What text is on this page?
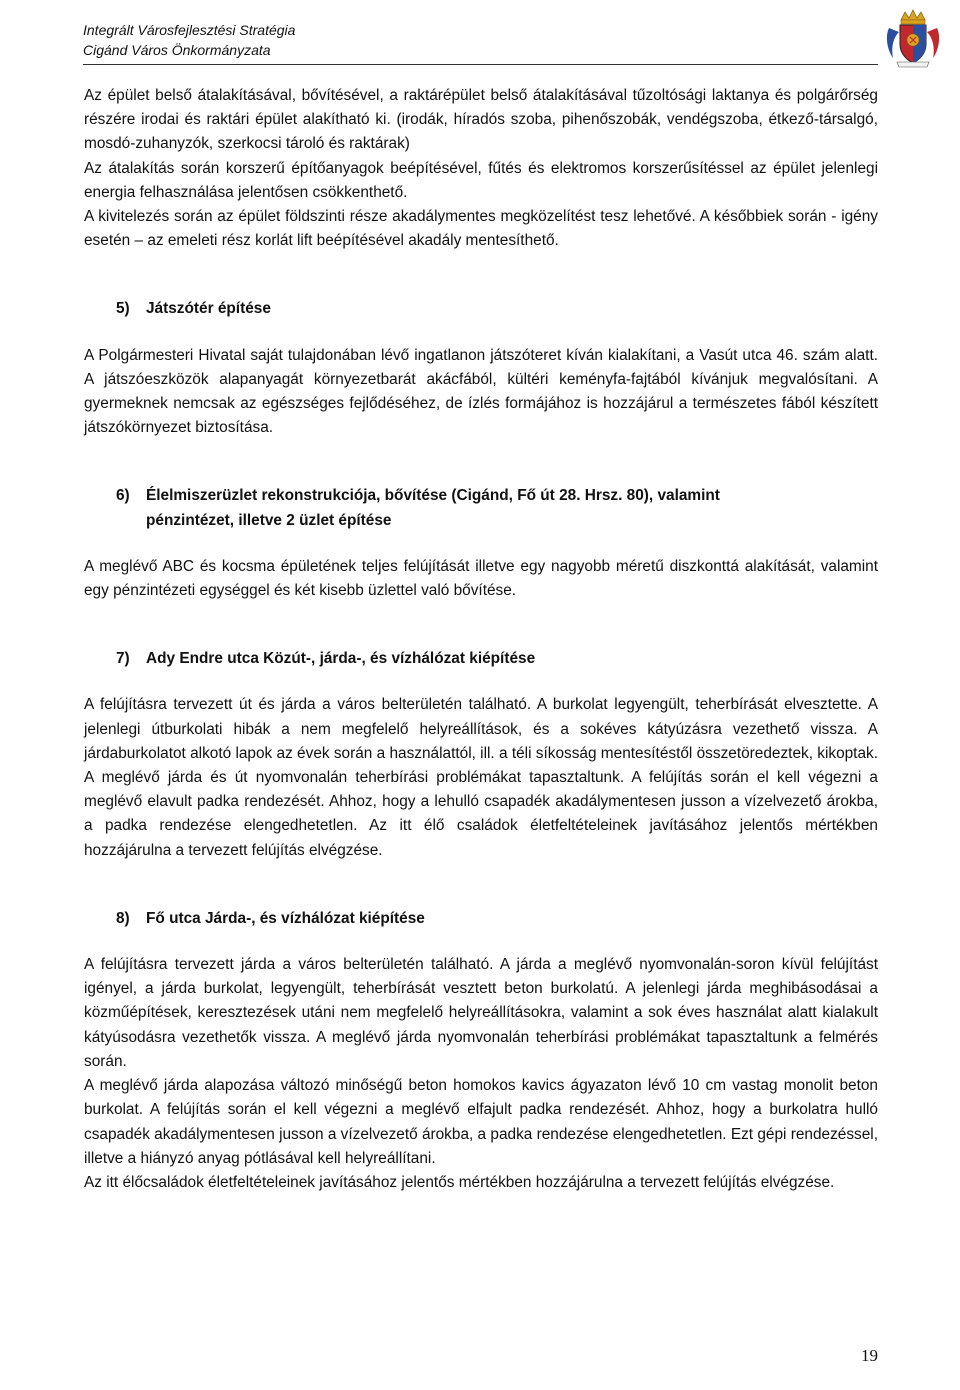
Integrált Városfejlesztési Stratégia
Cigánd Város Önkormányzata

Az épület belső átalakításával, bővítésével, a raktárépület belső átalakításával tűzoltósági laktanya és polgárőrség részére irodai és raktári épület alakítható ki. (irodák, híradós szoba, pihenőszobák, vendégszoba, étkező-társalgó, mosdó-zuhanyzók, szerkocsi tároló és raktárak)

Az átalakítás során korszerű építőanyagok beépítésével, fűtés és elektromos korszerűsítéssel az épület jelenlegi energia felhasználása jelentősen csökkenthető.

A kivitelezés során az épület földszinti része akadálymentes megközelítést tesz lehetővé. A későbbiek során - igény esetén – az emeleti rész korlát lift beépítésével akadály mentesíthető.

5) Játszótér építése

A Polgármesteri Hivatal saját tulajdonában lévő ingatlanon játszóteret kíván kialakítani, a Vasút utca 46. szám alatt. A játszóeszközök alapanyagát környezetbarát akácfából, kültéri keményfa-fajtából kívánjuk megvalósítani. A gyermeknek nemcsak az egészséges fejlődéséhez, de ízlés formájához is hozzájárul a természetes fából készített játszókörnyezet biztosítása.

6) Élelmiszerüzlet rekonstrukciója, bővítése (Cigánd, Fő út 28. Hrsz. 80), valamint
pénzintézet, illetve 2 üzlet építése

A meglévő ABC és kocsma épületének teljes felújítását illetve egy nagyobb méretű diszkonttá alakítását, valamint egy pénzintézeti egységgel és két kisebb üzlettel való bővítése.

7) Ady Endre utca Közút-, járda-, és vízhálózat kiépítése

A felújításra tervezett út és járda a város belterületén található. A burkolat legyengült, teherbírását elvesztette. A jelenlegi útburkolati hibák a nem megfelelő helyreállítások, és a sokéves kátyúzásra vezethető vissza. A járdaburkolatot alkotó lapok az évek során a használattól, ill. a téli síkosság mentesítéstől összetöredeztek, kikoptak. A meglévő járda és út nyomvonalán teherbírási problémákat tapasztaltunk. A felújítás során el kell végezni a meglévő elavult padka rendezését. Ahhoz, hogy a lehulló csapadék akadálymentesen jusson a vízelvezető árokba, a padka rendezése elengedhetetlen. Az itt élő családok életfeltételeinek javításához jelentős mértékben hozzájárulna a tervezett felújítás elvégzése.

8) Fő utca Járda-, és vízhálózat kiépítése

A felújításra tervezett járda a város belterületén található. A járda a meglévő nyomvonalán-soron kívül felújítást igényel, a járda burkolat, legyengült, teherbírását vesztett beton burkolatú. A jelenlegi járda meghibásodásai a közműépítések, keresztezések utáni nem megfelelő helyreállításokra, valamint a sok éves használat alatt kialakult kátyúsodásra vezethetők vissza. A meglévő járda nyomvonalán teherbírási problémákat tapasztaltunk a felmérés során.

A meglévő járda alapozása változó minőségű beton homokos kavics ágyazaton lévő 10 cm vastag monolit beton burkolat. A felújítás során el kell végezni a meglévő elfajult padka rendezését. Ahhoz, hogy a burkolatra hulló csapadék akadálymentesen jusson a vízelvezető árokba, a padka rendezése elengedhetetlen. Ezt gépi rendezéssel, illetve a hiányzó anyag pótlásával kell helyreállítani.

Az itt élőcsaládok életfeltételeinek javításához jelentős mértékben hozzájárulna a tervezett felújítás elvégzése.

19
